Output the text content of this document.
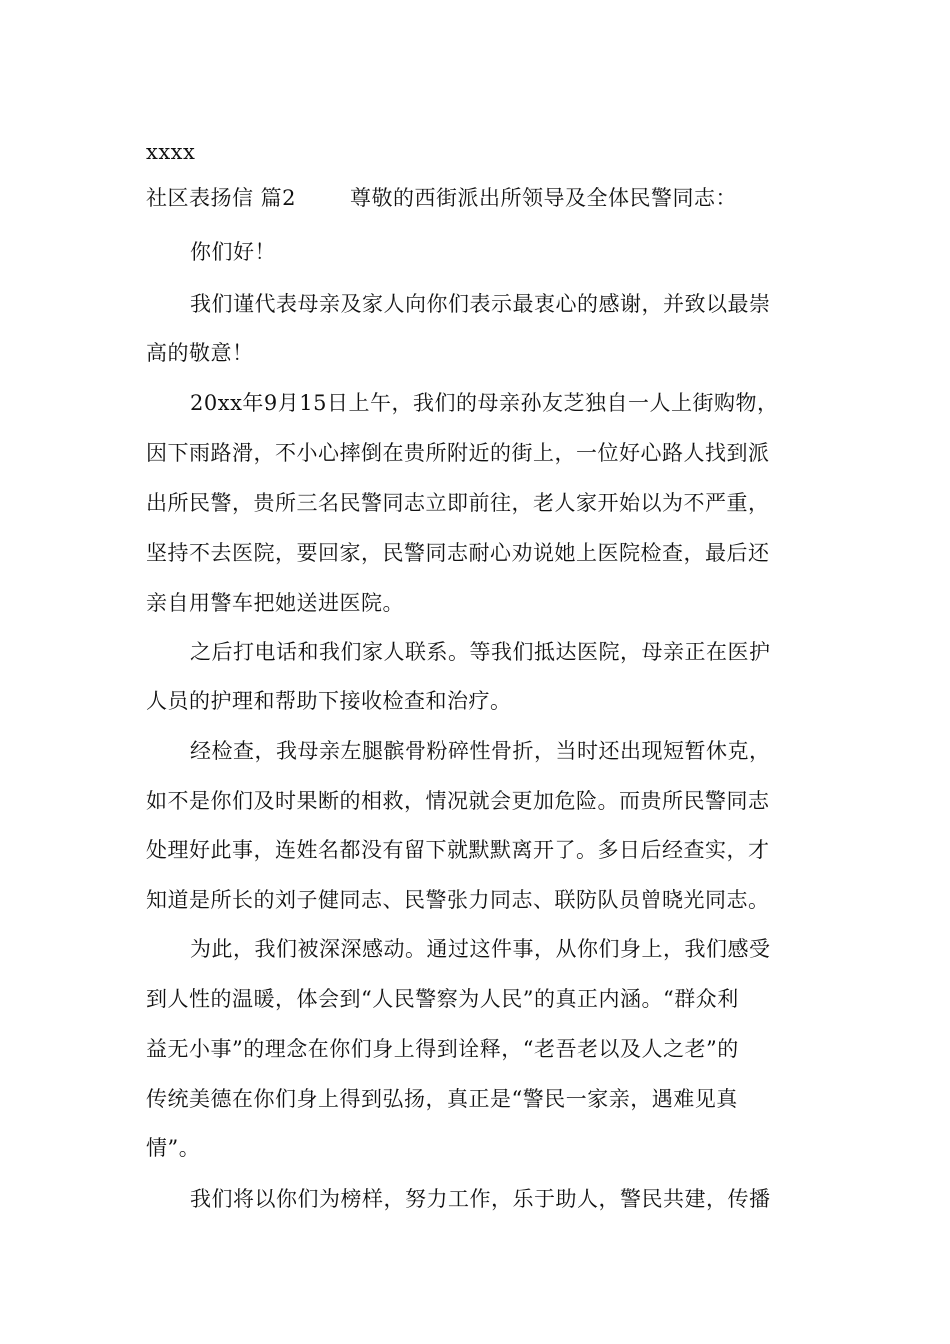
xxxx
社区表扬信 篇2	尊敬的西街派出所领导及全体民警同志：
你们好！
我们谨代表母亲及家人向你们表示最衷心的感谢，并致以最崇
高的敬意！
20xx年9月15日上午，我们的母亲孙友芝独自一人上街购物，
因下雨路滑，不小心摔倒在贵所附近的街上，一位好心路人找到派
出所民警，贵所三名民警同志立即前往，老人家开始以为不严重，
坚持不去医院，要回家，民警同志耐心劝说她上医院检查，最后还
亲自用警车把她送进医院。
之后打电话和我们家人联系。等我们抵达医院，母亲正在医护
人员的护理和帮助下接收检查和治疗。
经检查，我母亲左腿髌骨粉碎性骨折，当时还出现短暂休克，
如不是你们及时果断的相救，情况就会更加危险。而贵所民警同志
处理好此事，连姓名都没有留下就默默离开了。多日后经查实，才
知道是所长的刘子健同志、民警张力同志、联防队员曾晓光同志。
为此，我们被深深感动。通过这件事，从你们身上，我们感受
到人性的温暖，体会到“人民警察为人民”的真正内涵。“群众利
益无小事”的理念在你们身上得到诠释，“老吾老以及人之老”的
传统美德在你们身上得到弘扬，真正是“警民一家亲，遇难见真
情”。
我们将以你们为榜样，努力工作，乐于助人，警民共建，传播
